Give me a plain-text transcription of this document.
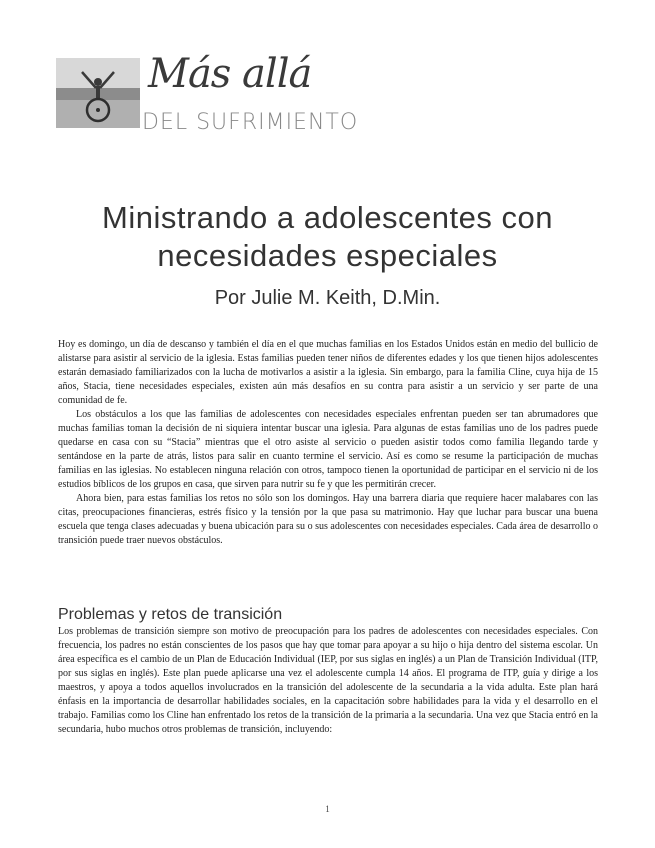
Más allá
DEL SUFRIMIENTO
Ministrando a adolescentes con
necesidades especiales
Por Julie M. Keith, D.Min.

Hoy es domingo, un día de descanso y también el día en el que muchas familias en los Estados Unidos están en medio del bullicio de alistarse para asistir al servicio de la iglesia. Estas familias pueden tener niños de diferentes edades y los que tienen hijos adolescentes estarán demasiado familiarizados con la lucha de motivarlos a asistir a la iglesia. Sin embargo, para la familia Cline, cuya hija de 15 años, Stacia, tiene necesidades especiales, existen aún más desafíos en su contra para asistir a un servicio y ser parte de una comunidad de fe.

Los obstáculos a los que las familias de adolescentes con necesidades especiales enfrentan pueden ser tan abrumadores que muchas familias toman la decisión de ni siquiera intentar buscar una iglesia. Para algunas de estas familias uno de los padres puede quedarse en casa con su “Stacia” mientras que el otro asiste al servicio o pueden asistir todos como familia llegando tarde y sentándose en la parte de atrás, listos para salir en cuanto termine el servicio. Así es como se resume la participación de muchas familias en las iglesias. No establecen ninguna relación con otros, tampoco tienen la oportunidad de participar en el servicio ni de los estudios bíblicos de los grupos en casa, que sirven para nutrir su fe y que les permitirán crecer.

Ahora bien, para estas familias los retos no sólo son los domingos. Hay una barrera diaria que requiere hacer malabares con las citas, preocupaciones financieras, estrés físico y la tensión por la que pasa su matrimonio. Hay que luchar para buscar una buena escuela que tenga clases adecuadas y buena ubicación para su o sus adolescentes con necesidades especiales. Cada área de desarrollo o transición puede traer nuevos obstáculos.

Problemas y retos de transición

Los problemas de transición siempre son motivo de preocupación para los padres de adolescentes con necesidades especiales. Con frecuencia, los padres no están conscientes de los pasos que hay que tomar para apoyar a su hijo o hija dentro del sistema escolar. Un área específica es el cambio de un Plan de Educación Individual (IEP, por sus siglas en inglés) a un Plan de Transición Individual (ITP, por sus siglas en inglés). Este plan puede aplicarse una vez el adolescente cumpla 14 años. El programa de ITP, guía y dirige a los maestros, y apoya a todos aquellos involucrados en la transición del adolescente de la secundaria a la vida adulta. Este plan hará énfasis en la importancia de desarrollar habilidades sociales, en la capacitación sobre habilidades para la vida y el desarrollo en el trabajo. Familias como los Cline han enfrentado los retos de la transición de la primaria a la secundaria. Una vez que Stacia entró en la secundaria, hubo muchos otros problemas de transición, incluyendo:

1
